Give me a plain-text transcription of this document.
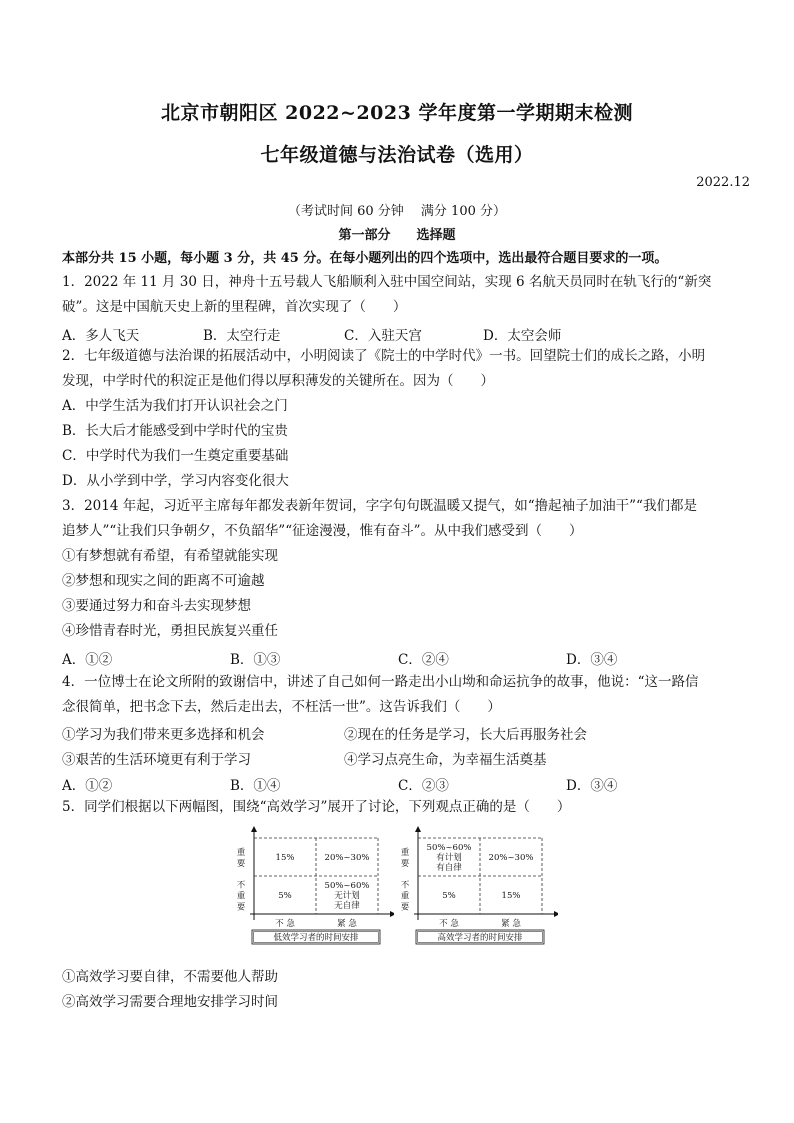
北京市朝阳区 2022~2023 学年度第一学期期末检测
七年级道德与法治试卷（选用）
2022.12
（考试时间 60 分钟　 满分 100 分）
第一部分　　选择题
本部分共 15 小题，每小题 3 分，共 45 分。在每小题列出的四个选项中，选出最符合题目要求的一项。
1．2022 年 11 月 30 日，神舟十五号载人飞船顺利入驻中国空间站，实现 6 名航天员同时在轨飞行的“新突
破”。这是中国航天史上新的里程碑，首次实现了（　　）
A．多人飞天	B．太空行走	C．入驻天宫	D．太空会师
2．七年级道德与法治课的拓展活动中，小明阅读了《院士的中学时代》一书。回望院士们的成长之路，小明
发现，中学时代的积淀正是他们得以厚积薄发的关键所在。因为（　　）
A．中学生活为我们打开认识社会之门
B．长大后才能感受到中学时代的宝贵
C．中学时代为我们一生奠定重要基础
D．从小学到中学，学习内容变化很大
3．2014 年起，习近平主席每年都发表新年贺词，字字句句既温暖又提气，如“撸起袖子加油干”“我们都是
追梦人”“让我们只争朝夕，不负韶华”“征途漫漫，惟有奋斗”。从中我们感受到（　　）
①有梦想就有希望，有希望就能实现
②梦想和现实之间的距离不可逾越
③要通过努力和奋斗去实现梦想
④珍惜青春时光，勇担民族复兴重任
A．①②	B．①③	C．②④	D．③④
4．一位博士在论文所附的致谢信中，讲述了自己如何一路走出小山坳和命运抗争的故事，他说：“这一路信
念很简单，把书念下去，然后走出去，不枉活一世”。这告诉我们（　　）
①学习为我们带来更多选择和机会	②现在的任务是学习，长大后再服务社会
③艰苦的生活环境更有利于学习	④学习点亮生命，为幸福生活奠基
A．①②	B．①④	C．②③	D．③④
5．同学们根据以下两幅图，围绕“高效学习”展开了讨论，下列观点正确的是（　　）
重
要
不
重
要
不 急	紧 急
15%	20%~30%
5%
50%~60%
无计划
无自律
低效学习者的时间安排
重
要
不
重
要
不 急	紧 急
50%~60%
有计划
有自律
20%~30%
5%	15%
高效学习者的时间安排
①高效学习要自律，不需要他人帮助
②高效学习需要合理地安排学习时间
